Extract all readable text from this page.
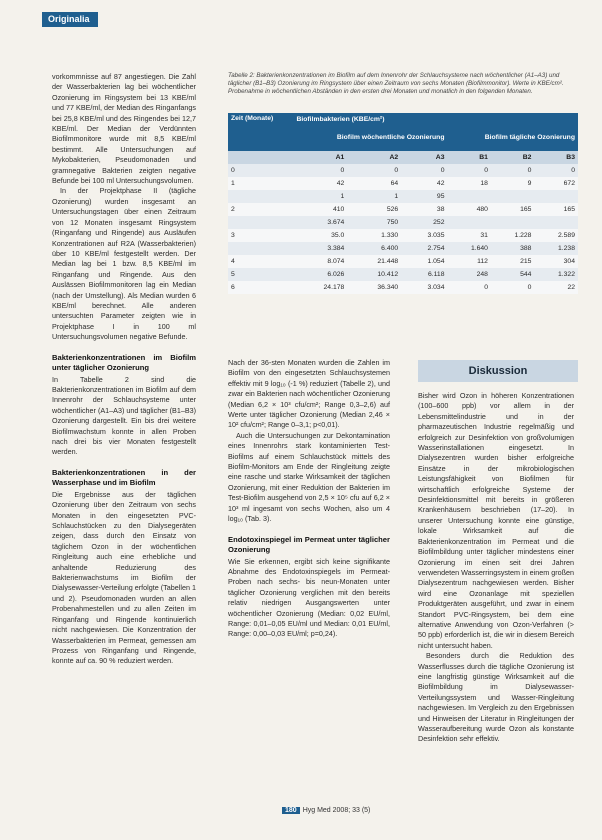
Originalia

vorkommnisse auf 87 angestiegen. Die Zahl der Wasserbakterien lag bei wöchentlicher Ozonierung im Ringsystem bei 13 KBE/ml und 77 KBE/ml, der Median des Ringanfangs bei 25,8 KBE/ml und des Ringendes bei 12,7 KBE/ml. Der Median der Verdünnten Biofilmmonitore wurde mit 8,5 KBE/ml bestimmt. Alle Untersuchungen auf Mykobakterien, Pseudomonaden und gramnegative Bakterien zeigten negative Befunde bei 100 ml Untersuchungsvolumen.

In der Projektphase II (tägliche Ozonierung) wurden insgesamt an Untersuchungstagen über einen Zeitraum von 12 Monaten insgesamt Ringsystem (Ringanfang und Ringende) aus Ausläufen Konzentrationen auf R2A (Wasserbakterien) über 10 KBE/ml festgestellt werden. Der Median lag bei 1 bzw. 8,5 KBE/ml im Ringanfang und Ringende. Aus den Auslässen Biofilmmonitoren lag ein Median (nach der Umstellung). Als Median wurden 6 KBE/ml berechnet. Alle anderen untersuchten Parameter zeigten wie in Projektphase I in 100 ml Untersuchungsvolumen negative Befunde.

Bakterienkonzentrationen im Biofilm unter täglicher Ozonierung

In Tabelle 2 sind die Bakterienkonzentrationen im Biofilm auf dem Innenrohr der Schlauchsysteme unter wöchentlicher (A1–A3) und täglicher (B1–B3) Ozonierung dargestellt. Ein bis drei weitere Biofilmwachstum konnte in allen Proben nach drei bis vier Monaten festgestellt werden.

Bakterienkonzentrationen in der Wasserphase und im Biofilm

Die Ergebnisse aus der täglichen Ozonierung über den Zeitraum von sechs Monaten in den eingesetzten PVC-Schlauchstücken zu den Dialysegeräten zeigen, dass durch den Einsatz von täglichem Ozon in der wöchentlichen Ringleitung auch eine erhebliche und anhaltende Reduzierung des Bakterienwachstums im Biofilm der Dialysewasser-Verteilung erfolgte (Tabellen 1 und 2). Pseudomonaden wurden an allen Probenahmestellen und zu allen Zeiten im Ringanfang und Ringende kontinuierlich nicht nachgewiesen. Die Konzentration der Wasserbakterien im Permeat, gemessen am Prozess von Ringanfang und Ringende, konnte auf ca. 90 % reduziert werden.

Tabelle 2: Bakterienkonzentrationen im Biofilm auf dem Innenrohr der Schlauchsysteme nach wöchentlicher (A1–A3) und täglicher (B1–B3) Ozonierung im Ringsystem über einen Zeitraum von sechs Monaten (Biofilmmonitor). Werte in KBE/cm². Probenahme in wöchentlichen Abständen in den ersten drei Monaten und monatlich in den folgenden Monaten.
Zeit (Monate)	Biofilmbakterien (KBE/cm²)					
	Biofilm wöchentliche Ozonierung			Biofilm tägliche Ozonierung		
	A1	A2	A3	B1	B2	B3
0	0	0	0	0	0	0
1	42	64	42	18	9	672
	1	1	95			
2	410	526	38	480	165	165
	3.674	750	252			
3	35.0	1.330	3.035	31	1.228	2.589
	3.384	6.400	2.754	1.640	388	1.238
4	8.074	21.448	1.054	112	215	304
5	6.026	10.412	6.118	248	544	1.322
6	24.178	36.340	3.034	0	0	22

Nach der 36-sten Monaten wurden die Zahlen im Biofilm von den eingesetzten Schlauchsystemen effektiv mit 9 log₁₀ (-1 %) reduziert (Tabelle 2), und zwar ein Bakterien nach wöchentlicher Ozonierung (Median 6,2 × 10³ cfu/cm²; Range 0,3–2,6) auf Werte unter täglicher Ozonierung (Median 2,46 × 10² cfu/cm²; Range 0–3,1; p<0,01).

Auch die Untersuchungen zur Dekontamination eines Innenrohrs stark kontaminierten Test-Biofilms auf einem Schlauchstück mittels des Biofilm-Monitors am Ende der Ringleitung zeigte eine rasche und starke Wirksamkeit der täglichen Ozonierung, mit einer Reduktion der Bakterien im Test-Biofilm ausgehend von 2,5 × 10⁵ cfu auf 6,2 × 10³ ml ingesamt von sechs Wochen, also um 4 log₁₀ (Tab. 3).

Endotoxinspiegel im Permeat unter täglicher Ozonierung

Wie Sie erkennen, ergibt sich keine signifikante Abnahme des Endotoxinspiegels im Permeat-Proben nach sechs- bis neun-Monaten unter täglicher Ozonierung verglichen mit den bereits relativ niedrigen Ausgangswerten unter wöchentlicher Ozonierung (Median: 0,02 EU/ml, Range: 0,01–0,05 EU/ml und Median: 0,01 EU/ml, Range: 0,00–0,03 EU/ml; p=0,24).

Diskussion

Bisher wird Ozon in höheren Konzentrationen (100–600 ppb) vor allem in der Lebensmittelindustrie und in der pharmazeutischen Industrie regelmäßig und erfolgreich zur Desinfektion von großvolumigen Wasserinstallationen eingesetzt. In Dialysezentren wurden bisher erfolgreiche Einsätze in der mikrobiologischen Leistungsfähigkeit von Biofilmen für wirtschaftlich erfolgreiche Systeme der Desinfektionsmittel mit bereits in größeren Krankenhäusern beschrieben (17–20). In unserer Untersuchung konnte eine günstige, lokale Wirksamkeit auf die Bakterienkonzentration im Permeat und die Biofilmbildung unter täglicher mindestens einer Ozonierung im einen seit drei Jahren verwendeten Wasserringsystem in einem großen Dialysezentrum nachgewiesen werden. Bisher wird eine Ozonanlage mit speziellen Produktgeräten ausgeführt, und zwar in einem Standort PVC-Ringsystem, bei dem eine alternative Anwendung von Ozon-Verfahren (> 50 ppb) erforderlich ist, die wir in diesem Bereich nicht untersucht haben.

Besonders durch die Reduktion des Wasserflusses durch die tägliche Ozonierung ist eine langfristig günstige Wirksamkeit auf die Biofilmbildung im Dialysewasser-Verteilungssystem und Wasser-Ringleitung nachgewiesen. Im Vergleich zu den Ergebnissen und Hinweisen der Literatur in Ringleitungen der Wasseraufbereitung wurde Ozon als konstante Desinfektion sehr effektiv.

180 Hyg Med 2008; 33 (5)
